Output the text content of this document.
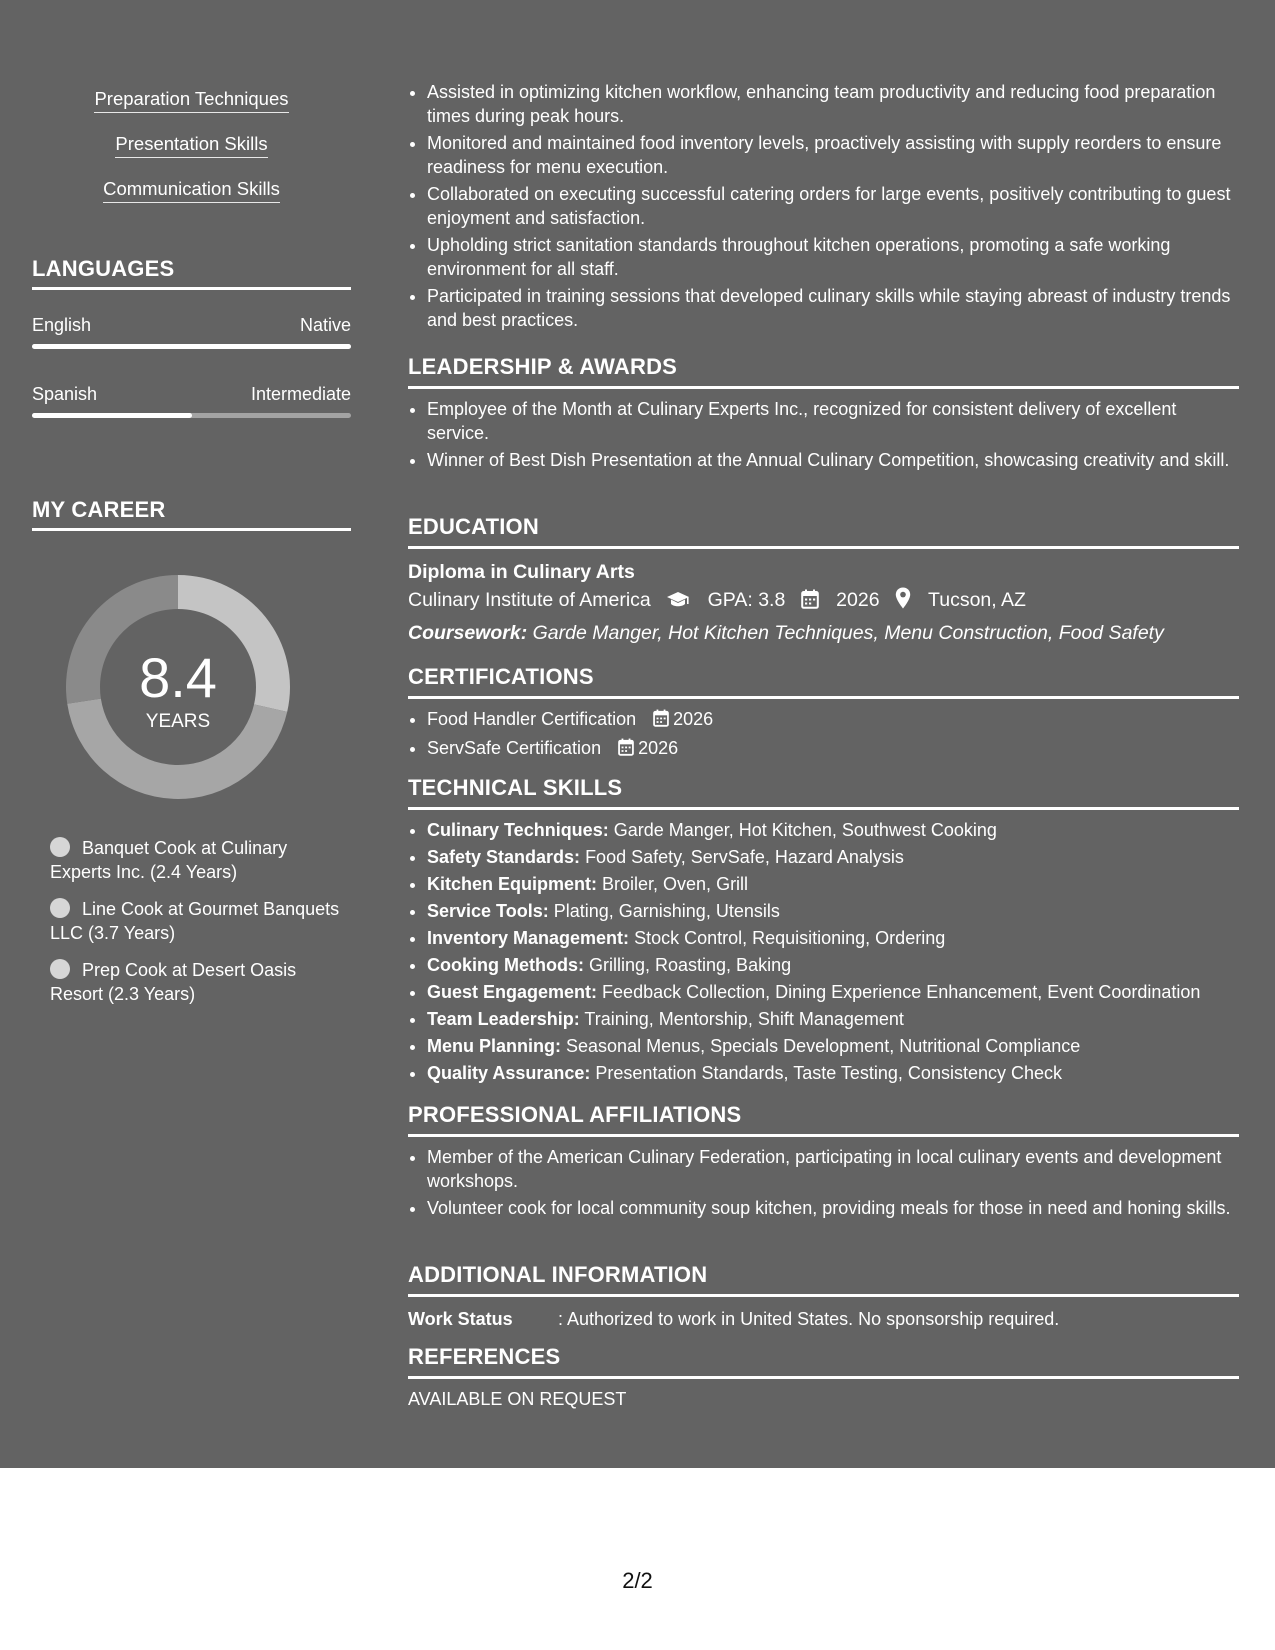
Preparation Techniques
Presentation Skills
Communication Skills
LANGUAGES
English	Native
Spanish	Intermediate
MY CAREER
8.4
YEARS
Banquet Cook at Culinary Experts Inc. (2.4 Years)
Line Cook at Gourmet Banquets LLC (3.7 Years)
Prep Cook at Desert Oasis Resort (2.3 Years)
• Assisted in optimizing kitchen workflow, enhancing team productivity and reducing food preparation times during peak hours.
• Monitored and maintained food inventory levels, proactively assisting with supply reorders to ensure readiness for menu execution.
• Collaborated on executing successful catering orders for large events, positively contributing to guest enjoyment and satisfaction.
• Upholding strict sanitation standards throughout kitchen operations, promoting a safe working environment for all staff.
• Participated in training sessions that developed culinary skills while staying abreast of industry trends and best practices.
LEADERSHIP & AWARDS
• Employee of the Month at Culinary Experts Inc., recognized for consistent delivery of excellent service.
• Winner of Best Dish Presentation at the Annual Culinary Competition, showcasing creativity and skill.
EDUCATION
Diploma in Culinary Arts
Culinary Institute of America	GPA: 3.8	2026 Tucson, AZ
Coursework: Garde Manger, Hot Kitchen Techniques, Menu Construction, Food Safety
CERTIFICATIONS
• Food Handler Certification 2026
• ServSafe Certification 2026
TECHNICAL SKILLS
• Culinary Techniques: Garde Manger, Hot Kitchen, Southwest Cooking
• Safety Standards: Food Safety, ServSafe, Hazard Analysis
• Kitchen Equipment: Broiler, Oven, Grill
• Service Tools: Plating, Garnishing, Utensils
• Inventory Management: Stock Control, Requisitioning, Ordering
• Cooking Methods: Grilling, Roasting, Baking
• Guest Engagement: Feedback Collection, Dining Experience Enhancement, Event Coordination
• Team Leadership: Training, Mentorship, Shift Management
• Menu Planning: Seasonal Menus, Specials Development, Nutritional Compliance
• Quality Assurance: Presentation Standards, Taste Testing, Consistency Check
PROFESSIONAL AFFILIATIONS
• Member of the American Culinary Federation, participating in local culinary events and development workshops.
• Volunteer cook for local community soup kitchen, providing meals for those in need and honing skills.
ADDITIONAL INFORMATION
Work Status	: Authorized to work in United States. No sponsorship required.
REFERENCES
AVAILABLE ON REQUEST
2/2
